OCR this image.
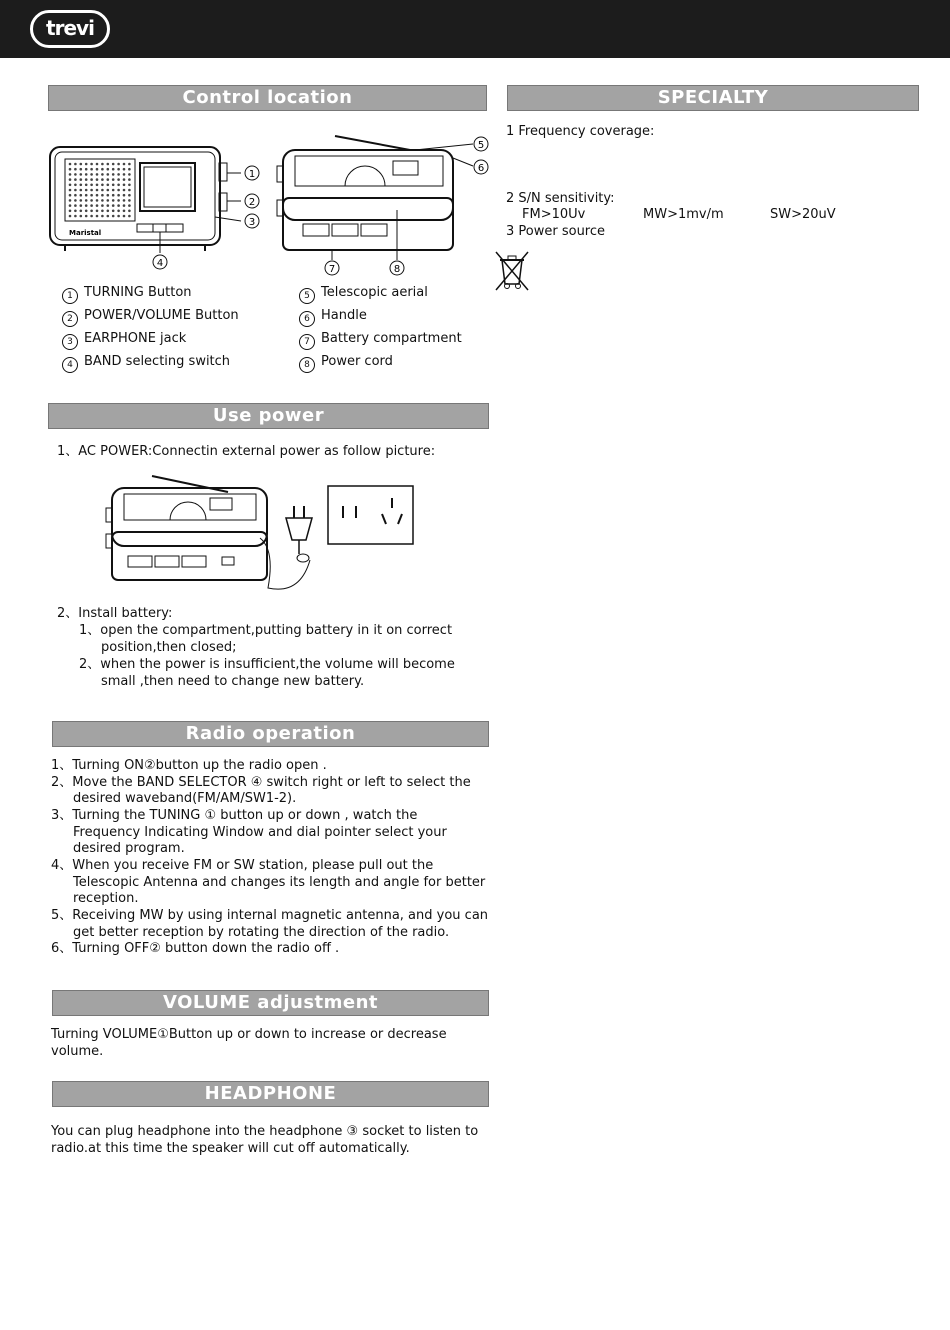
trevi
Control location
Maristal
1
2
3
4
5
6
7	8
1 TURNING Button
2 POWER/VOLUME Button
3 EARPHONE jack
4 BAND selecting switch
5 Telescopic aerial
6 Handle
7 Battery compartment
8 Power cord
SPECIALTY
1 Frequency coverage:
2 S/N sensitivity:
FM>10Uv	MW>1mv/m	SW>20uV
3 Power source
Use power
1、AC POWER:Connectin external power as follow picture:
2、Install battery:
1、open the compartment,putting battery in it on correct
position,then closed;
2、when the power is insufficient,the volume will become
small ,then need to change new battery.
Radio operation
1、Turning ON②button up the radio open .
2、Move the BAND SELECTOR ④ switch right or left to select the
desired waveband(FM/AM/SW1-2).
3、Turning the TUNING ① button up or down , watch the
Frequency Indicating Window and dial pointer select your
desired program.
4、When you receive FM or SW station, please pull out the
Telescopic Antenna and changes its length and angle for better
reception.
5、Receiving MW by using internal magnetic antenna, and you can
get better reception by rotating the direction of the radio.
6、Turning OFF② button down the radio off .
VOLUME adjustment
Turning VOLUME①Button up or down to increase or decrease
volume.
HEADPHONE
You can plug headphone into the headphone ③ socket to listen to
radio.at this time the speaker will cut off automatically.
